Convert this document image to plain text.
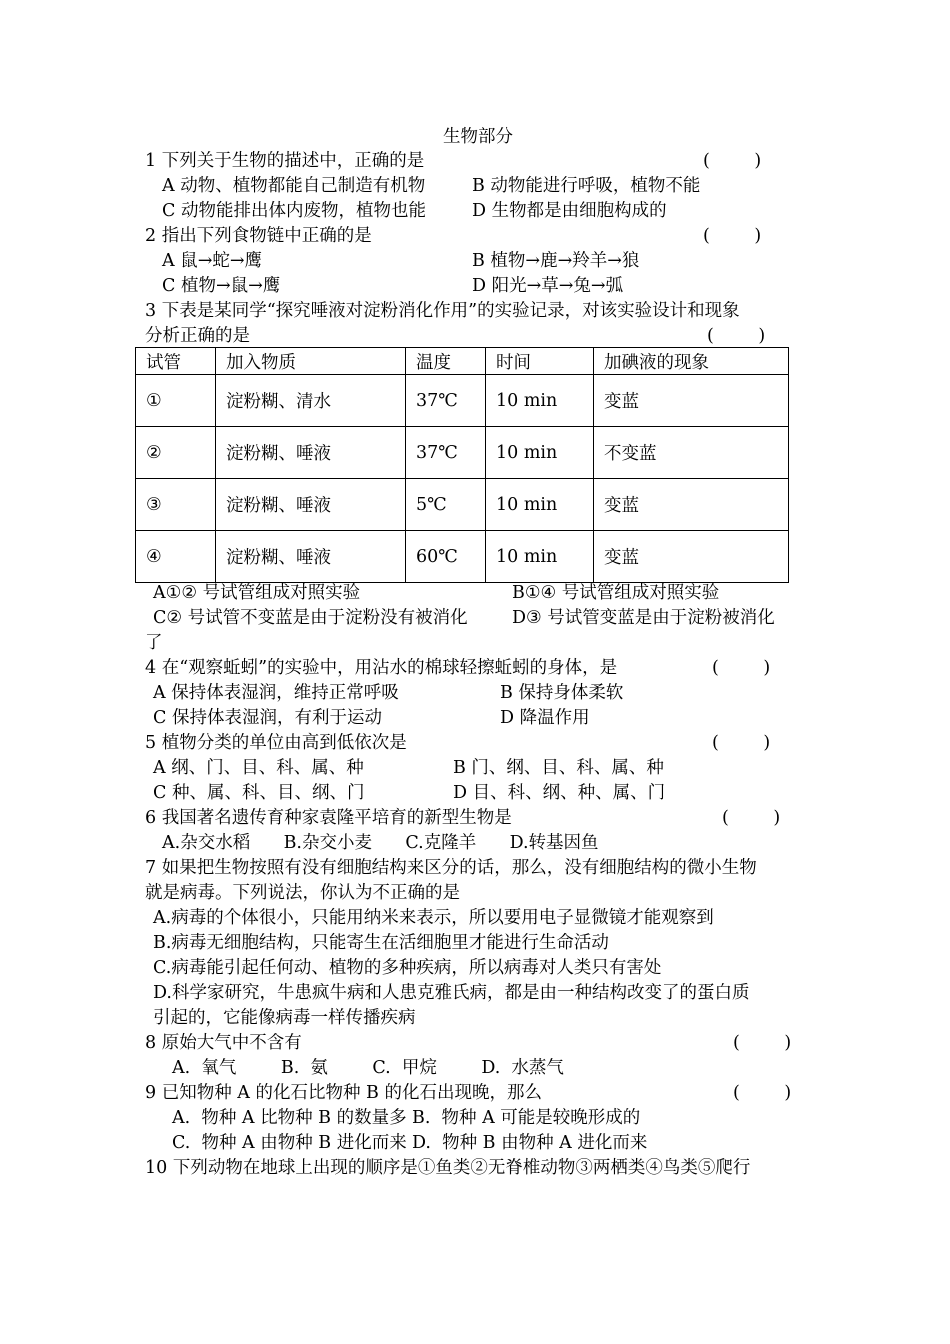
生物部分
1 下列关于生物的描述中，正确的是	(        )
A 动物、植物都能自己制造有机物	B 动物能进行呼吸，植物不能
C 动物能排出体内废物，植物也能	D 生物都是由细胞构成的
2 指出下列食物链中正确的是	(        )
A 鼠→蛇→鹰	B 植物→鹿→羚羊→狼
C 植物→鼠→鹰	D 阳光→草→兔→弧
3 下表是某同学“探究唾液对淀粉消化作用”的实验记录，对该实验设计和现象
分析正确的是	(        )
试管	加入物质	温度	时间	加碘液的现象
①	淀粉糊、清水	37℃	10 min	变蓝
②	淀粉糊、唾液	37℃	10 min	不变蓝
③	淀粉糊、唾液	5℃	10 min	变蓝
④	淀粉糊、唾液	60℃	10 min	变蓝
A①② 号试管组成对照实验	B①④ 号试管组成对照实验
C② 号试管不变蓝是由于淀粉没有被消化	D③ 号试管变蓝是由于淀粉被消化
了
4 在“观察蚯蚓”的实验中，用沾水的棉球轻擦蚯蚓的身体，是	(        )
A 保持体表湿润，维持正常呼吸	B 保持身体柔软
C 保持体表湿润，有利于运动	D 降温作用
5 植物分类的单位由高到低依次是	(        )
A 纲、门、目、科、属、种	B 门、纲、目、科、属、种
C 种、属、科、目、纲、门	D 目、科、纲、种、属、门
6 我国著名遗传育种家袁隆平培育的新型生物是	(        )
A.杂交水稻      B.杂交小麦      C.克隆羊      D.转基因鱼
7 如果把生物按照有没有细胞结构来区分的话，那么，没有细胞结构的微小生物
就是病毒。下列说法，你认为不正确的是
A.病毒的个体很小，只能用纳米来表示，所以要用电子显微镜才能观察到
B.病毒无细胞结构，只能寄生在活细胞里才能进行生命活动
C.病毒能引起任何动、植物的多种疾病，所以病毒对人类只有害处
D.科学家研究，牛患疯牛病和人患克雅氏病，都是由一种结构改变了的蛋白质
引起的，它能像病毒一样传播疾病
8 原始大气中不含有	(        )
A.  氧气        B.  氨        C.  甲烷        D.  水蒸气
9 已知物种 A 的化石比物种 B 的化石出现晚，那么	(        )
A.  物种 A 比物种 B 的数量多 B.  物种 A 可能是较晚形成的
C.  物种 A 由物种 B 进化而来 D.  物种 B 由物种 A 进化而来
10 下列动物在地球上出现的顺序是①鱼类②无脊椎动物③两栖类④鸟类⑤爬行
